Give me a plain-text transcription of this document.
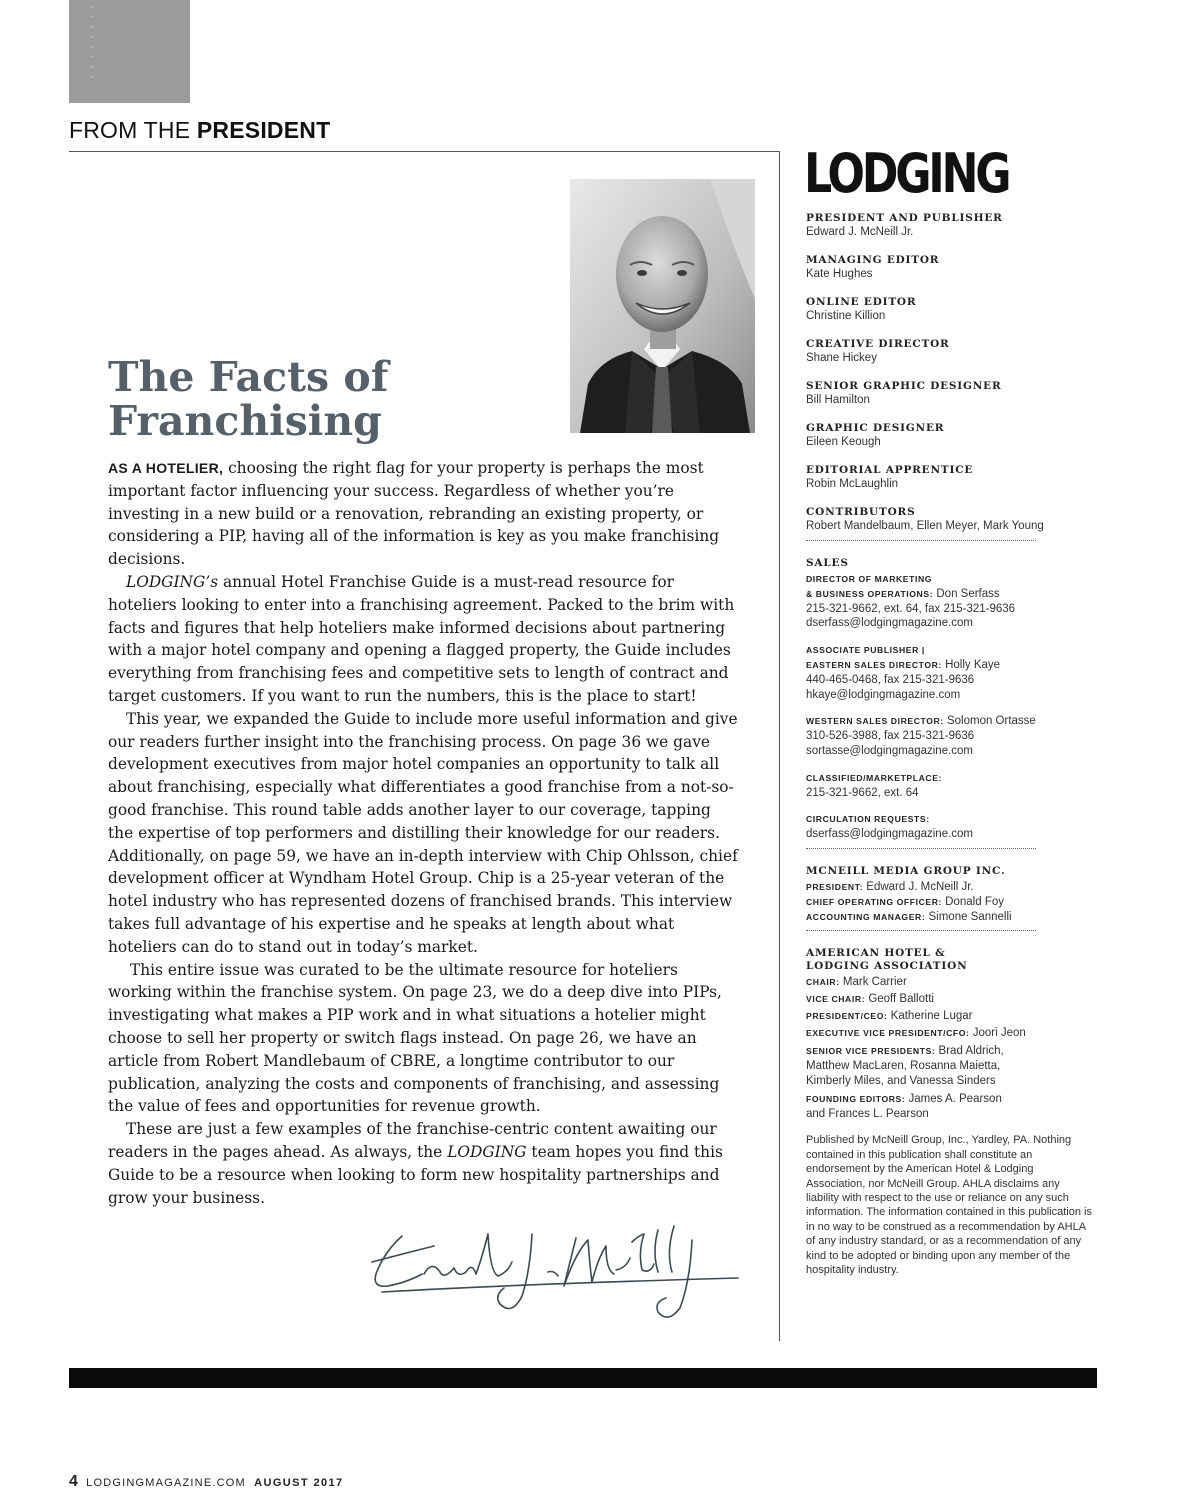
⌄
⌄
⌄
⌄
⌄
⌄
⌄
⌄
FROM THE PRESIDENT
The Facts of
Franchising

AS A HOTELIER, choosing the right flag for your property is perhaps the most important factor influencing your success. Regardless of whether you’re investing in a new build or a renovation, rebranding an existing property, or considering a PIP, having all of the information is key as you make franchising decisions.

LODGING’s annual Hotel Franchise Guide is a must-read resource for hoteliers looking to enter into a franchising agreement. Packed to the brim with facts and figures that help hoteliers make informed decisions about partnering with a major hotel company and opening a flagged property, the Guide includes everything from franchising fees and competitive sets to length of contract and target customers. If you want to run the numbers, this is the place to start!

This year, we expanded the Guide to include more useful information and give our readers further insight into the franchising process. On page 36 we gave development executives from major hotel companies an opportunity to talk all about franchising, especially what differentiates a good franchise from a not-so-good franchise. This round table adds another layer to our coverage, tapping the expertise of top performers and distilling their knowledge for our readers. Additionally, on page 59, we have an in-depth interview with Chip Ohlsson, chief development officer at Wyndham Hotel Group. Chip is a 25-year veteran of the hotel industry who has represented dozens of franchised brands. This interview takes full advantage of his expertise and he speaks at length about what hoteliers can do to stand out in today’s market.

This entire issue was curated to be the ultimate resource for hoteliers working within the franchise system. On page 23, we do a deep dive into PIPs, investigating what makes a PIP work and in what situations a hotelier might choose to sell her property or switch flags instead. On page 26, we have an article from Robert Mandlebaum of CBRE, a longtime contributor to our publication, analyzing the costs and components of franchising, and assessing the value of fees and opportunities for revenue growth.

These are just a few examples of the franchise-centric content awaiting our readers in the pages ahead. As always, the LODGING team hopes you find this Guide to be a resource when looking to form new hospitality partnerships and grow your business.

LODGING
PRESIDENT AND PUBLISHER
Edward J. McNeill Jr.
MANAGING EDITOR
Kate Hughes
ONLINE EDITOR
Christine Killion
CREATIVE DIRECTOR
Shane Hickey
SENIOR GRAPHIC DESIGNER
Bill Hamilton
GRAPHIC DESIGNER
Eileen Keough
EDITORIAL APPRENTICE
Robin McLaughlin
CONTRIBUTORS
Robert Mandelbaum, Ellen Meyer, Mark Young
SALES
DIRECTOR OF MARKETING
& BUSINESS OPERATIONS: Don Serfass
215-321-9662, ext. 64, fax 215-321-9636
dserfass@lodgingmagazine.com
ASSOCIATE PUBLISHER |
EASTERN SALES DIRECTOR: Holly Kaye
440-465-0468, fax 215-321-9636
hkaye@lodgingmagazine.com
WESTERN SALES DIRECTOR: Solomon Ortasse
310-526-3988, fax 215-321-9636
sortasse@lodgingmagazine.com
CLASSIFIED/MARKETPLACE:
215-321-9662, ext. 64
CIRCULATION REQUESTS:
dserfass@lodgingmagazine.com
MCNEILL MEDIA GROUP INC.
PRESIDENT: Edward J. McNeill Jr.
CHIEF OPERATING OFFICER: Donald Foy
ACCOUNTING MANAGER: Simone Sannelli
AMERICAN HOTEL &
LODGING ASSOCIATION
CHAIR: Mark Carrier
VICE CHAIR: Geoff Ballotti
PRESIDENT/CEO: Katherine Lugar
EXECUTIVE VICE PRESIDENT/CFO: Joori Jeon

SENIOR VICE PRESIDENTS: Brad Aldrich, Matthew MacLaren, Rosanna Maietta, Kimberly Miles, and Vanessa Sinders
FOUNDING EDITORS: James A. Pearson and Frances L. Pearson
Published by McNeill Group, Inc., Yardley, PA. Nothing contained in this publication shall constitute an endorsement by the American Hotel & Lodging Association, nor McNeill Group. AHLA disclaims any liability with respect to the use or reliance on any such information. The information contained in this publication is in no way to be construed as a recommendation by AHLA of any industry standard, or as a recommendation of any kind to be adopted or binding upon any member of the hospitality industry.
4 LODGINGMAGAZINE.COM AUGUST 2017
